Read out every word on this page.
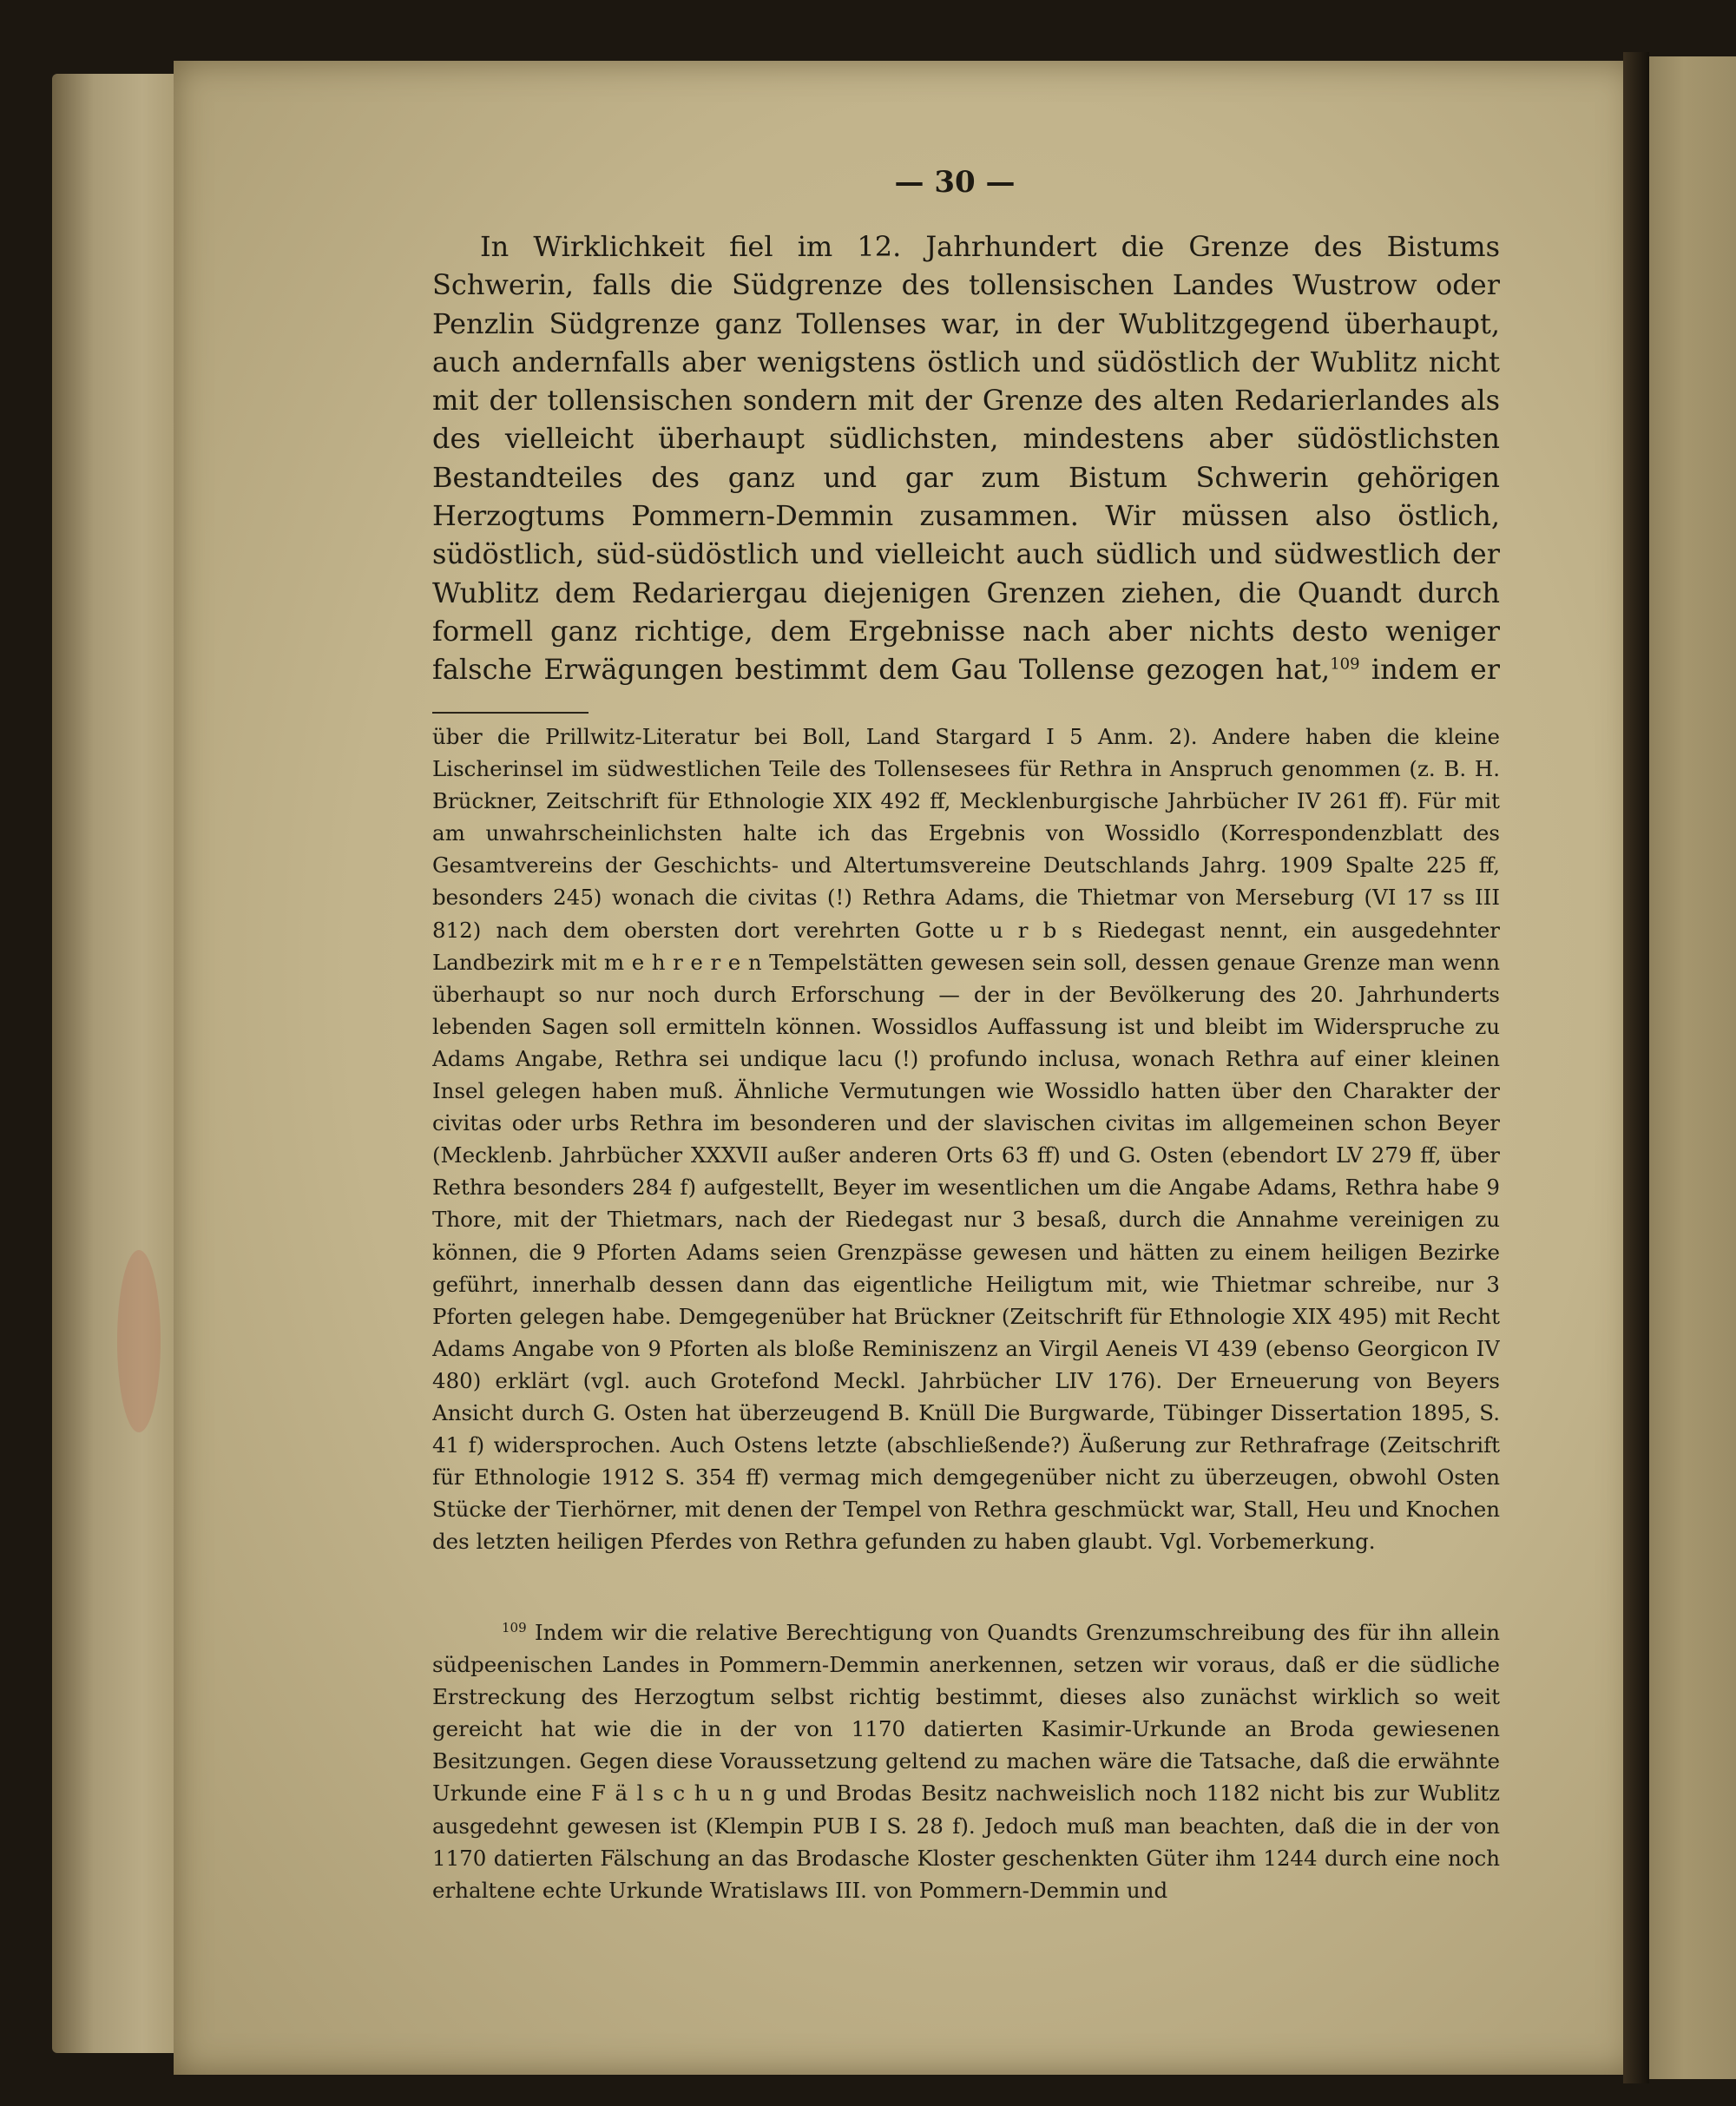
— 30 —

In Wirklichkeit fiel im 12. Jahrhundert die Grenze des Bistums Schwerin, falls die Südgrenze des tollensischen Landes Wustrow oder Penzlin Südgrenze ganz Tollenses war, in der Wublitzgegend überhaupt, auch andernfalls aber wenigstens östlich und südöstlich der Wublitz nicht mit der tollensischen sondern mit der Grenze des alten Redarierlandes als des vielleicht überhaupt südlichsten, mindestens aber südöstlichsten Bestandteiles des ganz und gar zum Bistum Schwerin gehörigen Herzogtums Pommern-Demmin zusammen. Wir müssen also östlich, südöstlich, süd-südöstlich und vielleicht auch südlich und südwestlich der Wublitz dem Redariergau diejenigen Grenzen ziehen, die Quandt durch formell ganz richtige, dem Ergebnisse nach aber nichts desto weniger falsche Erwägungen bestimmt dem Gau Tollense gezogen hat,$^{109}$ indem er

über die Prillwitz-Literatur bei Boll, Land Stargard I 5 Anm. 2). Andere haben die kleine Lischerinsel im südwestlichen Teile des Tollensesees für Rethra in Anspruch genommen (z. B. H. Brückner, Zeitschrift für Ethnologie XIX 492 ff, Mecklenburgische Jahrbücher IV 261 ff). Für mit am unwahrscheinlichsten halte ich das Ergebnis von Wossidlo (Korrespondenzblatt des Gesamtvereins der Geschichts- und Altertumsvereine Deutschlands Jahrg. 1909 Spalte 225 ff, besonders 245) wonach die civitas (!) Rethra Adams, die Thietmar von Merseburg (VI 17 ss III 812) nach dem obersten dort verehrten Gotte u r b s Riedegast nennt, ein ausgedehnter Landbezirk mit m e h r e r e n Tempelstätten gewesen sein soll, dessen genaue Grenze man wenn überhaupt so nur noch durch Erforschung — der in der Bevölkerung des 20. Jahrhunderts lebenden Sagen soll ermitteln können. Wossidlos Auffassung ist und bleibt im Widerspruche zu Adams Angabe, Rethra sei undique lacu (!) profundo inclusa, wonach Rethra auf einer kleinen Insel gelegen haben muß. Ähnliche Vermutungen wie Wossidlo hatten über den Charakter der civitas oder urbs Rethra im besonderen und der slavischen civitas im allgemeinen schon Beyer (Mecklenb. Jahrbücher XXXVII außer anderen Orts 63 ff) und G. Osten (ebendort LV 279 ff, über Rethra besonders 284 f) aufgestellt, Beyer im wesentlichen um die Angabe Adams, Rethra habe 9 Thore, mit der Thietmars, nach der Riedegast nur 3 besaß, durch die Annahme vereinigen zu können, die 9 Pforten Adams seien Grenzpässe gewesen und hätten zu einem heiligen Bezirke geführt, innerhalb dessen dann das eigentliche Heiligtum mit, wie Thietmar schreibe, nur 3 Pforten gelegen habe. Demgegenüber hat Brückner (Zeitschrift für Ethnologie XIX 495) mit Recht Adams Angabe von 9 Pforten als bloße Reminiszenz an Virgil Aeneis VI 439 (ebenso Georgicon IV 480) erklärt (vgl. auch Grotefond Meckl. Jahrbücher LIV 176). Der Erneuerung von Beyers Ansicht durch G. Osten hat überzeugend B. Knüll Die Burgwarde, Tübinger Dissertation 1895, S. 41 f) widersprochen. Auch Ostens letzte (abschließende?) Äußerung zur Rethrafrage (Zeitschrift für Ethnologie 1912 S. 354 ff) vermag mich demgegenüber nicht zu überzeugen, obwohl Osten Stücke der Tierhörner, mit denen der Tempel von Rethra geschmückt war, Stall, Heu und Knochen des letzten heiligen Pferdes von Rethra gefunden zu haben glaubt. Vgl. Vorbemerkung.

$^{109}$ Indem wir die relative Berechtigung von Quandts Grenzumschreibung des für ihn allein südpeenischen Landes in Pommern-Demmin anerkennen, setzen wir voraus, daß er die südliche Erstreckung des Herzogtum selbst richtig bestimmt, dieses also zunächst wirklich so weit gereicht hat wie die in der von 1170 datierten Kasimir-Urkunde an Broda gewiesenen Besitzungen. Gegen diese Voraussetzung geltend zu machen wäre die Tatsache, daß die erwähnte Urkunde eine F ä l s c h u n g und Brodas Besitz nachweislich noch 1182 nicht bis zur Wublitz ausgedehnt gewesen ist (Klempin PUB I S. 28 f). Jedoch muß man beachten, daß die in der von 1170 datierten Fälschung an das Brodasche Kloster geschenkten Güter ihm 1244 durch eine noch erhaltene echte Urkunde Wratislaws III. von Pommern-Demmin und
